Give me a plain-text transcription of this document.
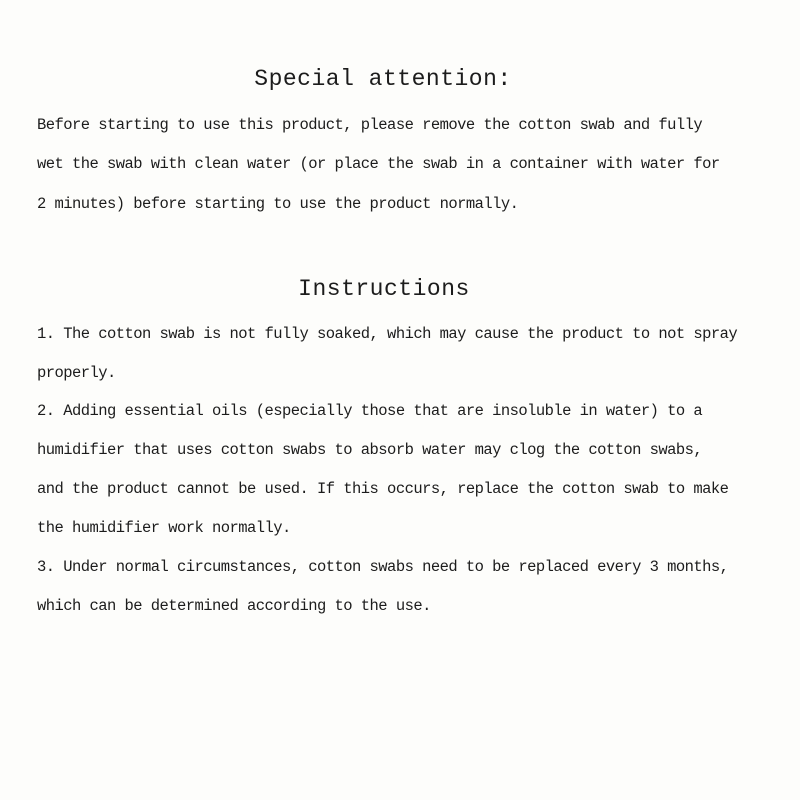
Special attention:

Before starting to use this product, please remove the cotton swab and fully

wet the swab with clean water (or place the swab in a container with water for

2 minutes) before starting to use the product normally.

Instructions

1. The cotton swab is not fully soaked, which may cause the product to not spray

properly.

2. Adding essential oils (especially those that are insoluble in water) to a

humidifier that uses cotton swabs to absorb water may clog the cotton swabs,

and the product cannot be used. If this occurs, replace the cotton swab to make

the humidifier work normally.

3. Under normal circumstances, cotton swabs need to be replaced every 3 months,

which can be determined according to the use.
